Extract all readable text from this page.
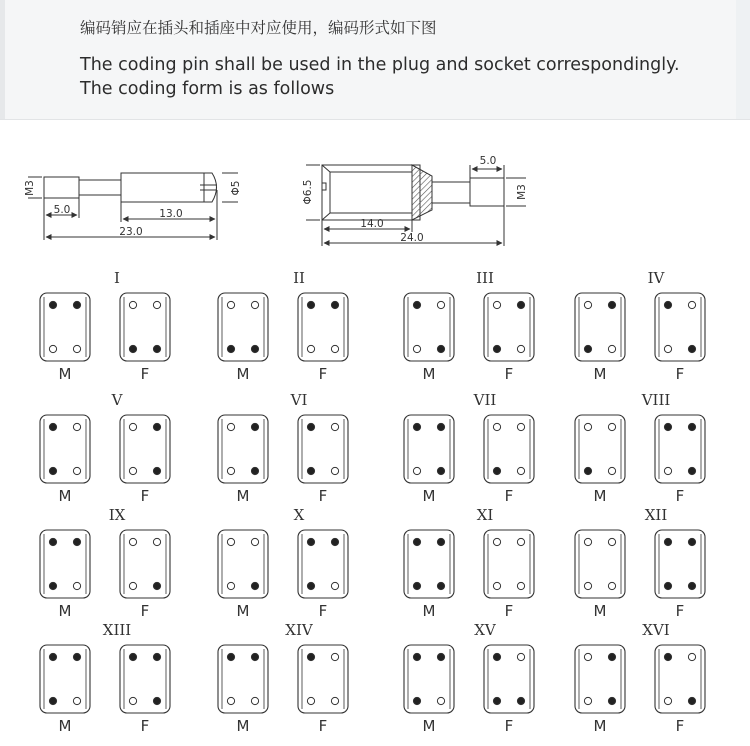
编码销应在插头和插座中对应使用，编码形式如下图
The coding pin shall be used in the plug and socket correspondingly.
The coding form is as follows
M3	Φ5
5.0	13.0
23.0
Φ6.5	M3
5.0
14.0
24.0
I
M	F
II
M	F
III
M	F
IV
M	F
V
M	F
VI
M	F
VII
M	F
VIII
M	F
IX
M	F
X
M	F
XI
M	F
XII
M	F
XIII
M	F
XIV
M	F
XV
M	F
XVI
M	F
